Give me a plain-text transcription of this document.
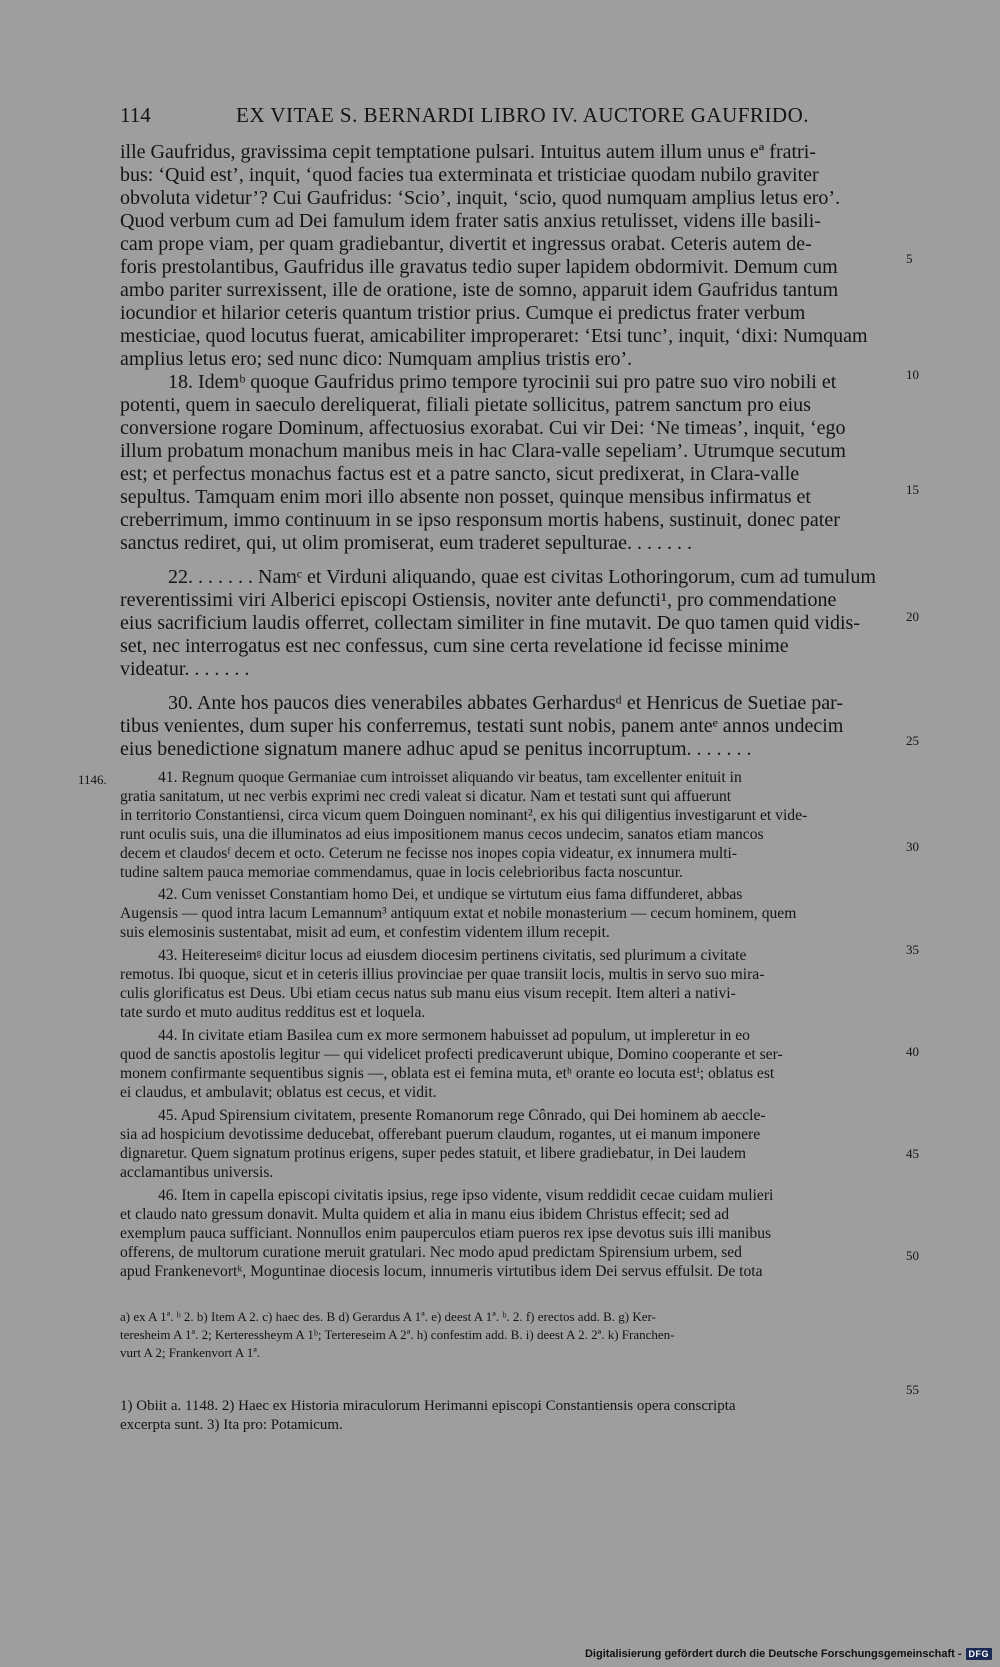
114	EX VITAE S. BERNARDI LIBRO IV. AUCTORE GAUFRIDO.
ille Gaufridus, gravissima cepit temptatione pulsari. Intuitus autem illum unus eª fratri-
bus: ‘Quid est’, inquit, ‘quod facies tua exterminata et tristiciae quodam nubilo graviter
obvoluta videtur’? Cui Gaufridus: ‘Scio’, inquit, ‘scio, quod numquam amplius letus ero’.
Quod verbum cum ad Dei famulum idem frater satis anxius retulisset, videns ille basili-
cam prope viam, per quam gradiebantur, divertit et ingressus orabat. Ceteris autem de-
foris prestolantibus, Gaufridus ille gravatus tedio super lapidem obdormivit. Demum cum
ambo pariter surrexissent, ille de oratione, iste de somno, apparuit idem Gaufridus tantum
iocundior et hilarior ceteris quantum tristior prius. Cumque ei predictus frater verbum
mesticiae, quod locutus fuerat, amicabiliter improperaret: ‘Etsi tunc’, inquit, ‘dixi: Numquam
amplius letus ero; sed nunc dico: Numquam amplius tristis ero’.
18. Idemᵇ quoque Gaufridus primo tempore tyrocinii sui pro patre suo viro nobili et
potenti, quem in saeculo dereliquerat, filiali pietate sollicitus, patrem sanctum pro eius
conversione rogare Dominum, affectuosius exorabat. Cui vir Dei: ‘Ne timeas’, inquit, ‘ego
illum probatum monachum manibus meis in hac Clara-valle sepeliam’. Utrumque secutum
est; et perfectus monachus factus est et a patre sancto, sicut predixerat, in Clara-valle
sepultus. Tamquam enim mori illo absente non posset, quinque mensibus infirmatus et
creberrimum, immo continuum in se ipso responsum mortis habens, sustinuit, donec pater
sanctus rediret, qui, ut olim promiserat, eum traderet sepulturae. . . . . . .
22. . . . . . . Namᶜ et Virduni aliquando, quae est civitas Lothoringorum, cum ad tumulum
reverentissimi viri Alberici episcopi Ostiensis, noviter ante defuncti¹, pro commendatione
eius sacrificium laudis offerret, collectam similiter in fine mutavit. De quo tamen quid vidis-
set, nec interrogatus est nec confessus, cum sine certa revelatione id fecisse minime
videatur. . . . . . .
30. Ante hos paucos dies venerabiles abbates Gerhardusᵈ et Henricus de Suetiae par-
tibus venientes, dum super his conferremus, testati sunt nobis, panem anteᵉ annos undecim
eius benedictione signatum manere adhuc apud se penitus incorruptum. . . . . . .
41. Regnum quoque Germaniae cum introisset aliquando vir beatus, tam excellenter enituit in
gratia sanitatum, ut nec verbis exprimi nec credi valeat si dicatur. Nam et testati sunt qui affuerunt
in territorio Constantiensi, circa vicum quem Doinguen nominant², ex his qui diligentius investigarunt et vide-
runt oculis suis, una die illuminatos ad eius impositionem manus cecos undecim, sanatos etiam mancos
decem et claudosᶠ decem et octo. Ceterum ne fecisse nos inopes copia videatur, ex innumera multi-
tudine saltem pauca memoriae commendamus, quae in locis celebrioribus facta noscuntur.
42. Cum venisset Constantiam homo Dei, et undique se virtutum eius fama diffunderet, abbas
Augensis — quod intra lacum Lemannum³ antiquum extat et nobile monasterium — cecum hominem, quem
suis elemosinis sustentabat, misit ad eum, et confestim videntem illum recepit.
43. Heitereseimᵍ dicitur locus ad eiusdem diocesim pertinens civitatis, sed plurimum a civitate
remotus. Ibi quoque, sicut et in ceteris illius provinciae per quae transiit locis, multis in servo suo mira-
culis glorificatus est Deus. Ubi etiam cecus natus sub manu eius visum recepit. Item alteri a nativi-
tate surdo et muto auditus redditus est et loquela.
44. In civitate etiam Basilea cum ex more sermonem habuisset ad populum, ut impleretur in eo
quod de sanctis apostolis legitur — qui videlicet profecti predicaverunt ubique, Domino cooperante et ser-
monem confirmante sequentibus signis —, oblata est ei femina muta, etʰ orante eo locuta estⁱ; oblatus est
ei claudus, et ambulavit; oblatus est cecus, et vidit.
45. Apud Spirensium civitatem, presente Romanorum rege Cônrado, qui Dei hominem ab aeccle-
sia ad hospicium devotissime deducebat, offerebant puerum claudum, rogantes, ut ei manum imponere
dignaretur. Quem signatum protinus erigens, super pedes statuit, et libere gradiebatur, in Dei laudem
acclamantibus universis.
46. Item in capella episcopi civitatis ipsius, rege ipso vidente, visum reddidit cecae cuidam mulieri
et claudo nato gressum donavit. Multa quidem et alia in manu eius ibidem Christus effecit; sed ad
exemplum pauca sufficiant. Nonnullos enim pauperculos etiam pueros rex ipse devotus suis illi manibus
offerens, de multorum curatione meruit gratulari. Nec modo apud predictam Spirensium urbem, sed
apud Frankenevortᵏ, Moguntinae diocesis locum, innumeris virtutibus idem Dei servus effulsit. De tota
a) ex A 1ª. ᵇ 2. b) Item A 2. c) haec des. B d) Gerardus A 1ª. e) deest A 1ª. ᵇ. 2. f) erectos add. B. g) Ker-
teresheim A 1ª. 2; Kerteressheym A 1ᵇ; Tertereseim A 2ª. h) confestim add. B. i) deest A 2. 2ª. k) Franchen-
vurt A 2; Frankenvort A 1ª.
1) Obiit a. 1148. 2) Haec ex Historia miraculorum Herimanni episcopi Constantiensis opera conscripta
excerpta sunt. 3) Ita pro: Potamicum.
5
10
15
20
25
30
35
40
45
50
55
1146.
Digitalisierung gefördert durch die Deutsche Forschungsgemeinschaft - DFG
